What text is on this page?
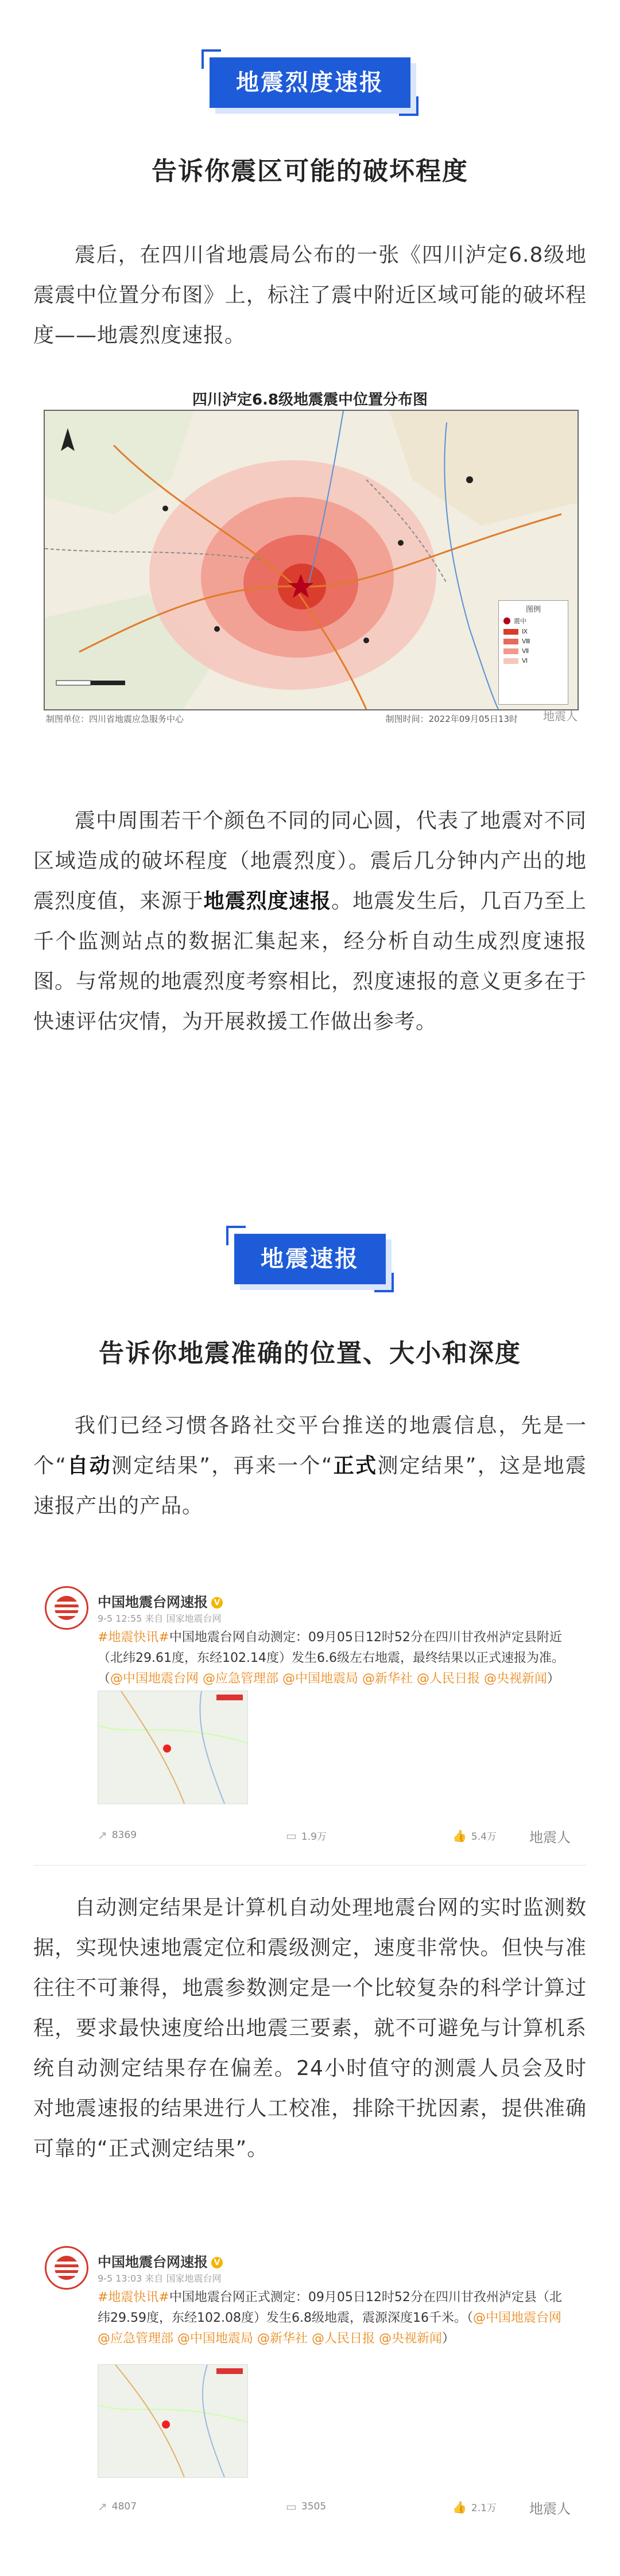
地震烈度速报
告诉你震区可能的破坏程度
震后，在四川省地震局公布的一张《四川泸定6.8级地震震中位置分布图》上，标注了震中附近区域可能的破坏程度——地震烈度速报。
四川泸定6.8级地震震中位置分布图
图例
震中
Ⅸ
Ⅷ
Ⅶ
Ⅵ
制图单位：四川省地震应急服务中心	制图时间：2022年09月05日13时 地震人
震中周围若干个颜色不同的同心圆，代表了地震对不同区域造成的破坏程度（地震烈度）。震后几分钟内产出的地震烈度值，来源于地震烈度速报。地震发生后，几百乃至上千个监测站点的数据汇集起来，经分析自动生成烈度速报图。与常规的地震烈度考察相比，烈度速报的意义更多在于快速评估灾情，为开展救援工作做出参考。
地震速报
告诉你地震准确的位置、大小和深度
我们已经习惯各路社交平台推送的地震信息，先是一个“自动测定结果”，再来一个“正式测定结果”，这是地震速报产出的产品。
中国地震台网速报 V
9-5 12:55 来自 国家地震台网
#地震快讯#中国地震台网自动测定：09月05日12时52分在四川甘孜州泸定县附近（北纬29.61度，东经102.14度）发生6.6级左右地震，最终结果以正式速报为准。（@中国地震台网 @应急管理部 @中国地震局 @新华社 @人民日报 @央视新闻）
↗ 8369	▭ 1.9万	👍 5.4万 地震人
自动测定结果是计算机自动处理地震台网的实时监测数据，实现快速地震定位和震级测定，速度非常快。但快与准往往不可兼得，地震参数测定是一个比较复杂的科学计算过程，要求最快速度给出地震三要素，就不可避免与计算机系统自动测定结果存在偏差。24小时值守的测震人员会及时对地震速报的结果进行人工校准，排除干扰因素，提供准确可靠的“正式测定结果”。
中国地震台网速报 V
9-5 13:03 来自 国家地震台网
#地震快讯#中国地震台网正式测定：09月05日12时52分在四川甘孜州泸定县（北纬29.59度，东经102.08度）发生6.8级地震，震源深度16千米。（@中国地震台网 @应急管理部 @中国地震局 @新华社 @人民日报 @央视新闻）
↗ 4807	▭ 3505	👍 2.1万 地震人
